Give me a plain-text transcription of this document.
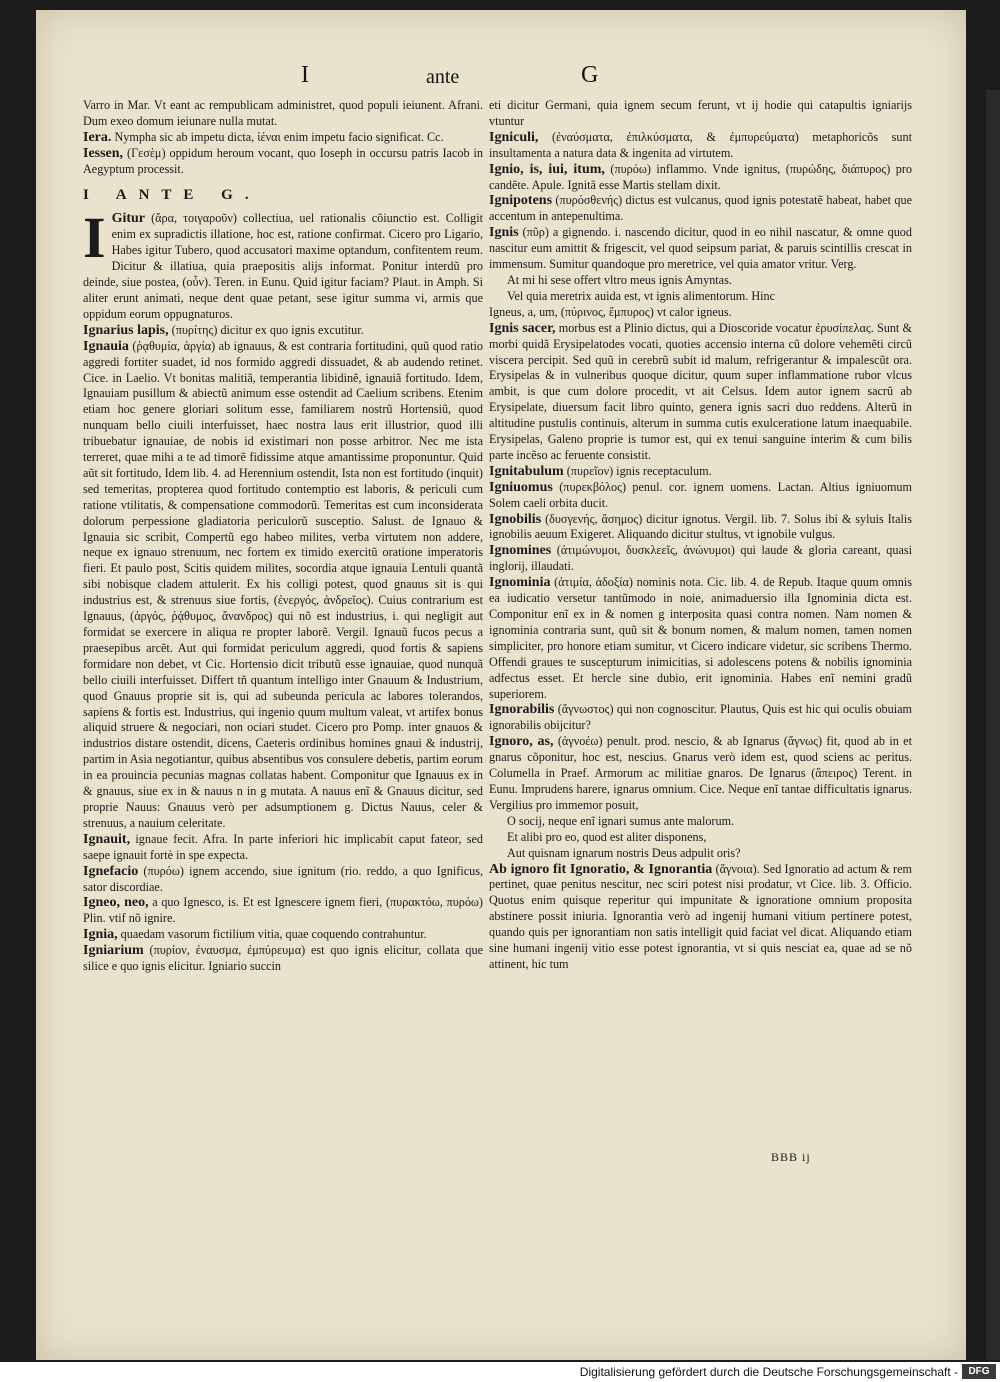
I	ante	G

Varro in Mar. Vt eant ac rempublicam administret, quod populi ieiunent. Afrani. Dum exeo domum ieiunare nulla mutat.

Iera. Nympha sic ab impetu dicta, ἱέναι enim impetu facio significat. Cc.

Iessen, (Γεσὲμ) oppidum heroum vocant, quo Ioseph in occursu patris Iacob in Aegyptum processit.

I ANTE G.

I Gitur (ἄρα, τοιγαροῦν) collectiua, uel rationalis cõiunctio est. Colligit enim ex supradictis illatione, hoc est, ratione confirmat. Cicero pro Ligario, Habes igitur Tubero, quod accusatori maxime optandum, confitentem reum. Dicitur & illatiua, quia praepositis alijs informat. Ponitur interdũ pro deinde, siue postea, (οὖν). Teren. in Eunu. Quid igitur faciam? Plaut. in Amph. Si aliter erunt animati, neque dent quae petant, sese igitur summa vi, armis que oppidum eorum oppugnaturos.

Ignarius lapis, (πυρίτης) dicitur ex quo ignis excutitur.

Ignauia (ῥᾳθυμία, ἀργία) ab ignauus, & est contraria fortitudini, quũ quod ratio aggredi fortiter suadet, id nos formido aggredi dissuadet, & ab audendo retinet. Cice. in Laelio. Vt bonitas malitiã, temperantia libidinẽ, ignauiã fortitudo. Idem, Ignauiam pusillum & abiectũ animum esse ostendit ad Caelium scribens. Etenim etiam hoc genere gloriari solitum esse, familiarem nostrũ Hortensiũ, quod nunquam bello ciuili interfuisset, haec nostra laus erit illustrior, quod illi tribuebatur ignauiae, de nobis id existimari non posse arbitror. Nec me ista terreret, quae mihi a te ad timorẽ fidissime atque amantissime proponuntur. Quid aũt sit fortitudo, Idem lib. 4. ad Herennium ostendit, Ista non est fortitudo (inquit) sed temeritas, propterea quod fortitudo contemptio est laboris, & periculi cum ratione vtilitatis, & compensatione commodorũ. Temeritas est cum inconsiderata dolorum perpessione gladiatoria periculorũ susceptio. Salust. de Ignauo & Ignauia sic scribit, Compertũ ego habeo milites, verba virtutem non addere, neque ex ignauo strenuum, nec fortem ex timido exercitũ oratione imperatoris fieri. Et paulo post, Scitis quidem milites, socordia atque ignauia Lentuli quantã sibi nobisque cladem attulerit. Ex his colligi potest, quod gnauus sit is qui industrius est, & strenuus siue fortis, (ἐνεργός, ἀνδρεῖος). Cuius contrarium est Ignauus, (ἀργός, ῥᾴθυμος, ἄνανδρος) qui nõ est industrius, i. qui negligit aut formidat se exercere in aliqua re propter laborẽ. Vergil. Ignauũ fucos pecus a praesepibus arcẽt. Aut qui formidat periculum aggredi, quod fortis & sapiens formidare non debet, vt Cic. Hortensio dicit tributũ esse ignauiae, quod nunquã bello ciuili interfuisset. Differt tñ quantum intelligo inter Gnauum & Industrium, quod Gnauus proprie sit is, qui ad subeunda pericula ac labores tolerandos, sapiens & fortis est. Industrius, qui ingenio quum multum valeat, vt artifex bonus aliquid struere & negociari, non ociari studet. Cicero pro Pomp. inter gnauos & industrios distare ostendit, dicens, Caeteris ordinibus homines gnaui & industrij, partim in Asia negotiantur, quibus absentibus vos consulere debetis, partim eorum in ea prouincia pecunias magnas collatas habent. Componitur que Ignauus ex in & gnauus, siue ex in & nauus n in g mutata. A nauus enĩ & Gnauus dicitur, sed proprie Nauus: Gnauus verò per adsumptionem g. Dictus Nauus, celer & strenuus, a nauium celeritate.

Ignauit, ignaue fecit. Afra. In parte inferiori hic implicabit caput fateor, sed saepe ignauit fortè in spe expecta.

Ignefacio (πυρόω) ignem accendo, siue ignitum (rio. reddo, a quo Ignificus, sator discordiae.

Igneo, neo, a quo Ignesco, is. Et est Ignescere ignem fieri, (πυρακτόω, πυρόω) Plin. vtif nõ ignire.

Ignia, quaedam vasorum fictilium vitia, quae coquendo contrahuntur.

Igniarium (πυρίον, ἐναυσμα, ἐμπύρευμα) est quo ignis elicitur, collata que silice e quo ignis elicitur. Igniario succin

eti dicitur Germani, quia ignem secum ferunt, vt ij hodie qui catapultis igniarijs vtuntur

Igniculi, (ἐναύσματα, ἐπιλκύσματα, & ἐμπυρεύματα) metaphoricõs sunt insultamenta a natura data & ingenita ad virtutem.

Ignio, is, iui, itum, (πυρόω) inflammo. Vnde ignitus, (πυρώδης, διάπυρος) pro candẽte. Apule. Ignitã esse Martis stellam dixit.

Ignipotens (πυρόσθενής) dictus est vulcanus, quod ignis potestatẽ habeat, habet que accentum in antepenultima.

Ignis (πῦρ) a gignendo. i. nascendo dicitur, quod in eo nihil nascatur, & omne quod nascitur eum amittit & frigescit, vel quod seipsum pariat, & paruis scintillis crescat in immensum. Sumitur quandoque pro meretrice, vel quia amator vritur. Verg.

At mi hi sese offert vltro meus ignis Amyntas.

Vel quia meretrix auida est, vt ignis alimentorum. Hinc

Igneus, a, um, (πύρινος, ἔμπυρος) vt calor igneus.

Ignis sacer, morbus est a Plinio dictus, qui a Dioscoride vocatur ἐρυσίπελας. Sunt & morbi quidã Erysipelatodes vocati, quoties accensio interna cũ dolore vehemẽti circũ viscera percipit. Sed quũ in cerebrũ subit id malum, refrigerantur & impalescũt ora. Erysipelas & in vulneribus quoque dicitur, quum super inflammatione rubor vlcus ambit, is que cum dolore procedit, vt ait Celsus. Idem autor ignem sacrũ ab Erysipelate, diuersum facit libro quinto, genera ignis sacri duo reddens. Alterũ in altitudine pustulis continuis, alterum in summa cutis exulceratione latum inaequabile. Erysipelas, Galeno proprie is tumor est, qui ex tenui sanguine interim & cum bilis parte incẽso ac feruente consistit.

Ignitabulum (πυρεῖον) ignis receptaculum.

Igniuomus (πυρεκβόλος) penul. cor. ignem uomens. Lactan. Altius igniuomum Solem caeli orbita ducit.

Ignobilis (δυσγενής, ἄσημος) dicitur ignotus. Vergil. lib. 7. Solus ibi & syluis Italis ignobilis aeuum Exigeret. Aliquando dicitur stultus, vt ignobile vulgus.

Ignomines (ἀτιμώνυμοι, δυσκλεεῖς, ἀνώνυμοι) qui laude & gloria careant, quasi inglorij, illaudati.

Ignominia (ἀτιμία, ἀδοξία) nominis nota. Cic. lib. 4. de Repub. Itaque quum omnis ea iudicatio versetur tantũmodo in noie, animaduersio illa Ignominia dicta est. Componitur enĩ ex in & nomen g interposita quasi contra nomen. Nam nomen & ignominia contraria sunt, quũ sit & bonum nomen, & malum nomen, tamen nomen simpliciter, pro honore etiam sumitur, vt Cicero indicare videtur, sic scribens Thermo. Offendi graues te suscepturum inimicitias, si adolescens potens & nobilis ignominia adfectus esset. Et hercle sine dubio, erit ignominia. Habes enĩ nemini gradũ superiorem.

Ignorabilis (ἄγνωστος) qui non cognoscitur. Plautus, Quis est hic qui oculis obuiam ignorabilis obijcitur?

Ignoro, as, (ἀγνοέω) penult. prod. nescio, & ab Ignarus (ἄγνως) fit, quod ab in et gnarus cõponitur, hoc est, nescius. Gnarus verò idem est, quod sciens ac peritus. Columella in Praef. Armorum ac militiae gnaros. De Ignarus (ἄπειρος) Terent. in Eunu. Imprudens harere, ignarus omnium. Cice. Neque enĩ tantae difficultatis ignarus. Vergilius pro immemor posuit,

O socij, neque enĩ ignari sumus ante malorum.

Et alibi pro eo, quod est aliter disponens,

Aut quisnam ignarum nostris Deus adpulit oris?

Ab ignoro fit Ignoratio, & Ignorantia (ἄγνοια). Sed Ignoratio ad actum & rem pertinet, quae penitus nescitur, nec sciri potest nisi prodatur, vt Cice. lib. 3. Officio. Quotus enim quisque reperitur qui impunitate & ignoratione omnium proposita abstinere possit iniuria. Ignorantia verò ad ingenij humani vitium pertinere potest, quando quis per ignorantiam non satis intelligit quid faciat vel dicat. Aliquando etiam sine humani ingenij vitio esse potest ignorantia, vt si quis nesciat ea, quae ad se nõ attinent, hic tum

BBB ij
Digitalisierung gefördert durch die Deutsche Forschungsgemeinschaft -	DFG
